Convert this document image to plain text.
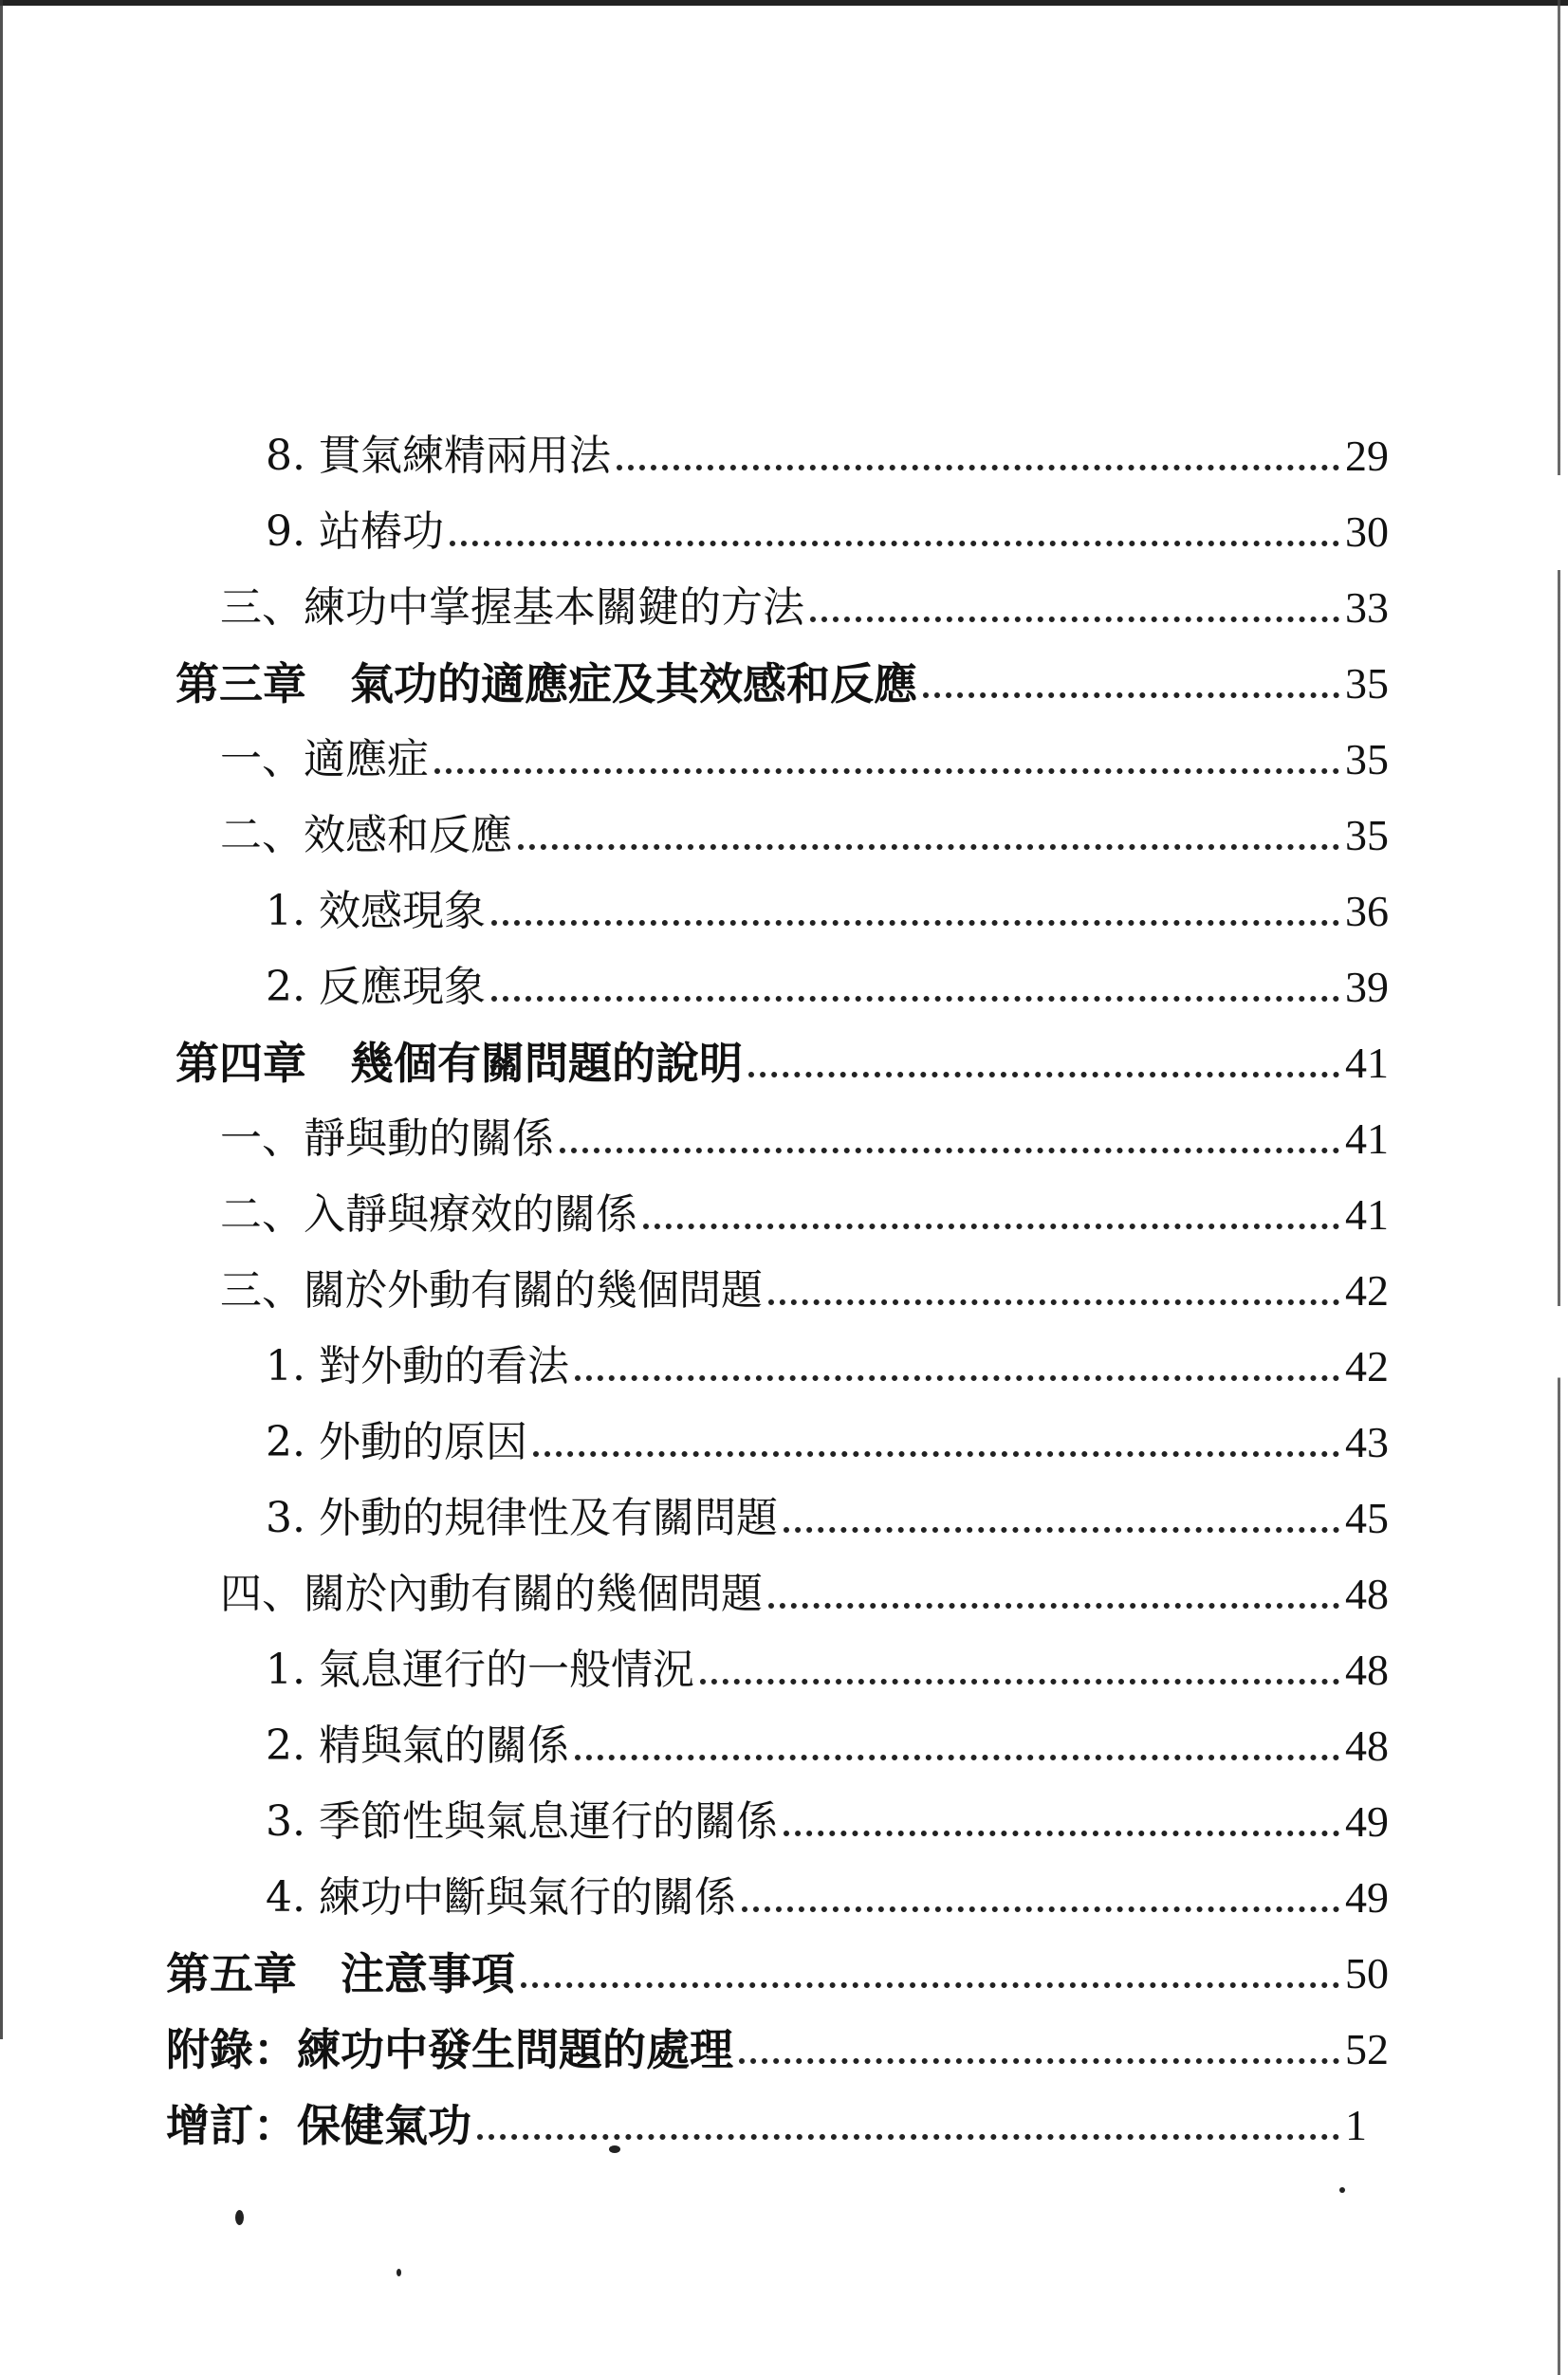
8. 貫氣練精兩用法	29
9. 站樁功	30
三、練功中掌握基本關鍵的方法	33
第三章　氣功的適應症及其效感和反應	35
一、適應症	35
二、效感和反應	35
1. 效感現象	36
2. 反應現象	39
第四章　幾個有關問題的說明	41
一、靜與動的關係	41
二、入靜與療效的關係	41
三、關於外動有關的幾個問題	42
1. 對外動的看法	42
2. 外動的原因	43
3. 外動的規律性及有關問題	45
四、關於內動有關的幾個問題	48
1. 氣息運行的一般情況	48
2. 精與氣的關係	48
3. 季節性與氣息運行的關係	49
4. 練功中斷與氣行的關係	49
第五章　注意事項	50
附錄：練功中發生問題的處理	52
增訂：保健氣功	1
